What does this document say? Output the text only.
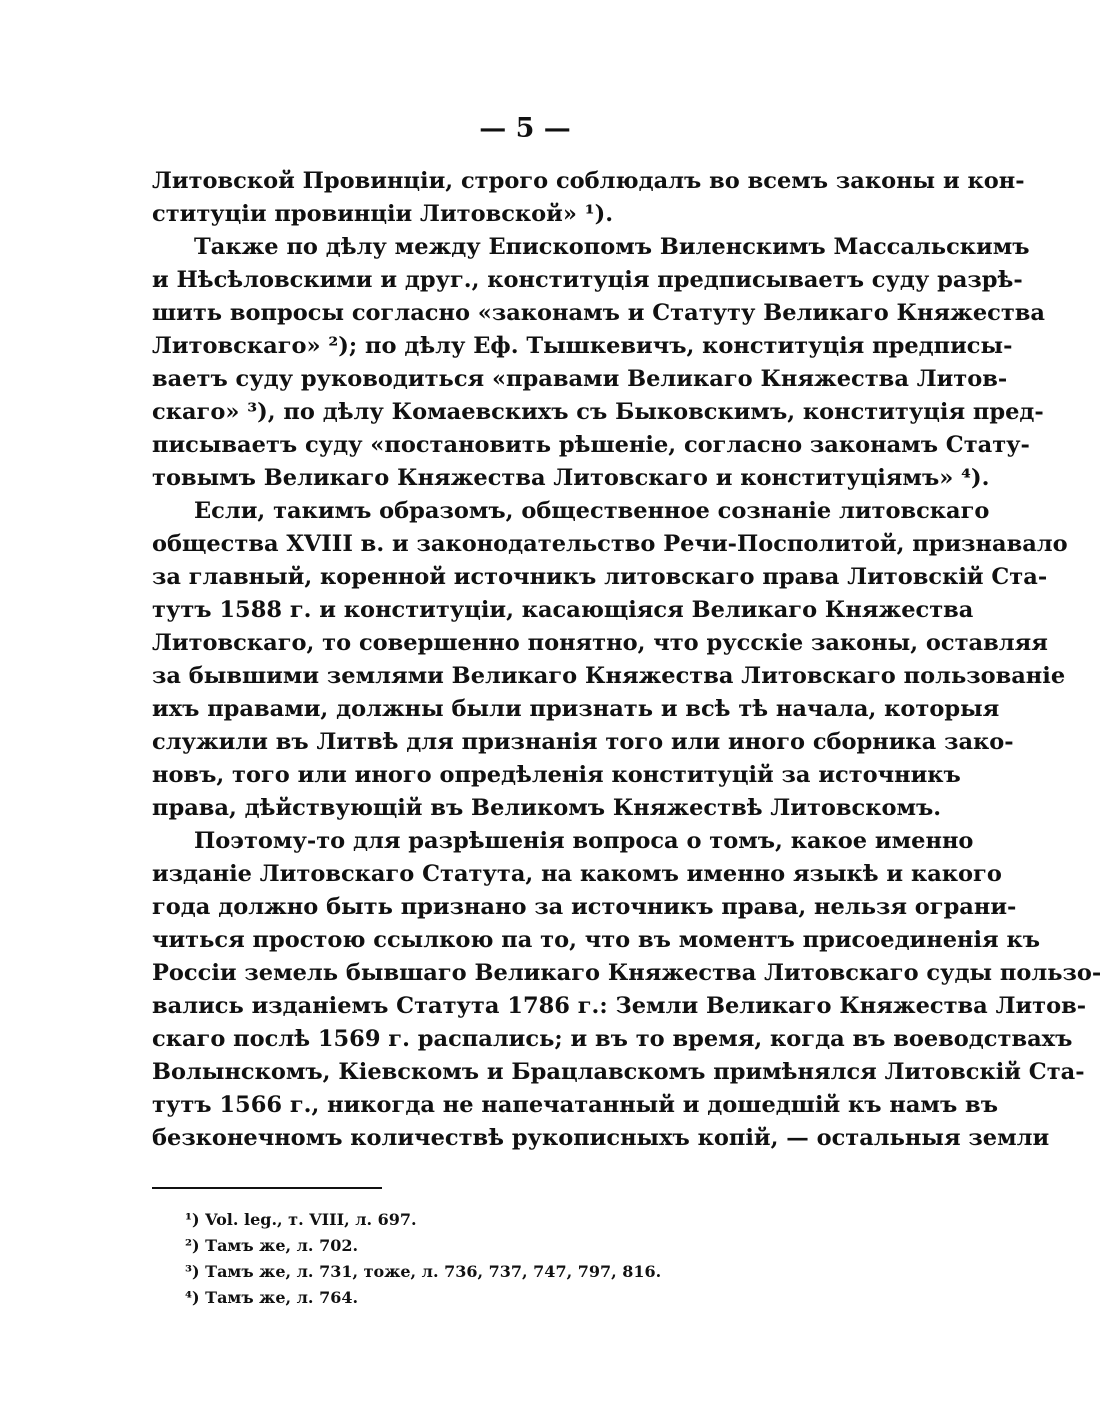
— 5 —
Литовской Провинціи, строго соблюдалъ во всемъ законы и кон-
ституціи провинціи Литовской» ¹).
Также по дѣлу между Епископомъ Виленскимъ Массальскимъ
и Нѣсѣловскими и друг., конституція предписываетъ суду разрѣ-
шить вопросы согласно «законамъ и Статуту Великаго Княжества
Литовскаго» ²); по дѣлу Еф. Тышкевичъ, конституція предписы-
ваетъ суду руководиться «правами Великаго Княжества Литов-
скаго» ³), по дѣлу Комаевскихъ съ Быковскимъ, конституція пред-
писываетъ суду «постановить рѣшеніе, согласно законамъ Стату-
товымъ Великаго Княжества Литовскаго и конституціямъ» ⁴).
Если, такимъ образомъ, общественное сознаніе литовскаго
общества XVIII в. и законодательство Речи-Посполитой, признавало
за главный, коренной источникъ литовскаго права Литовскій Ста-
тутъ 1588 г. и конституціи, касающіяся Великаго Княжества
Литовскаго, то совершенно понятно, что русскіе законы, оставляя
за бывшими землями Великаго Княжества Литовскаго пользованіе
ихъ правами, должны были признать и всѣ тѣ начала, которыя
служили въ Литвѣ для признанія того или иного сборника зако-
новъ, того или иного опредѣленія конституцій за источникъ
права, дѣйствующій въ Великомъ Княжествѣ Литовскомъ.
Поэтому-то для разрѣшенія вопроса о томъ, какое именно
изданіе Литовскаго Статута, на какомъ именно языкѣ и какого
года должно быть признано за источникъ права, нельзя ограни-
читься простою ссылкою па то, что въ моментъ присоединенія къ
Россіи земель бывшаго Великаго Княжества Литовскаго суды пользо-
вались изданіемъ Статута 1786 г.: Земли Великаго Княжества Литов-
скаго послѣ 1569 г. распались; и въ то время, когда въ воеводствахъ
Волынскомъ, Кіевскомъ и Брацлавскомъ примѣнялся Литовскій Ста-
тутъ 1566 г., никогда не напечатанный и дошедшій къ намъ въ
безконечномъ количествѣ рукописныхъ копій, — остальныя земли
¹) Vol. leg., т. VIII, л. 697.
²) Тамъ же, л. 702.
³) Тамъ же, л. 731, тоже, л. 736, 737, 747, 797, 816.
⁴) Тамъ же, л. 764.
